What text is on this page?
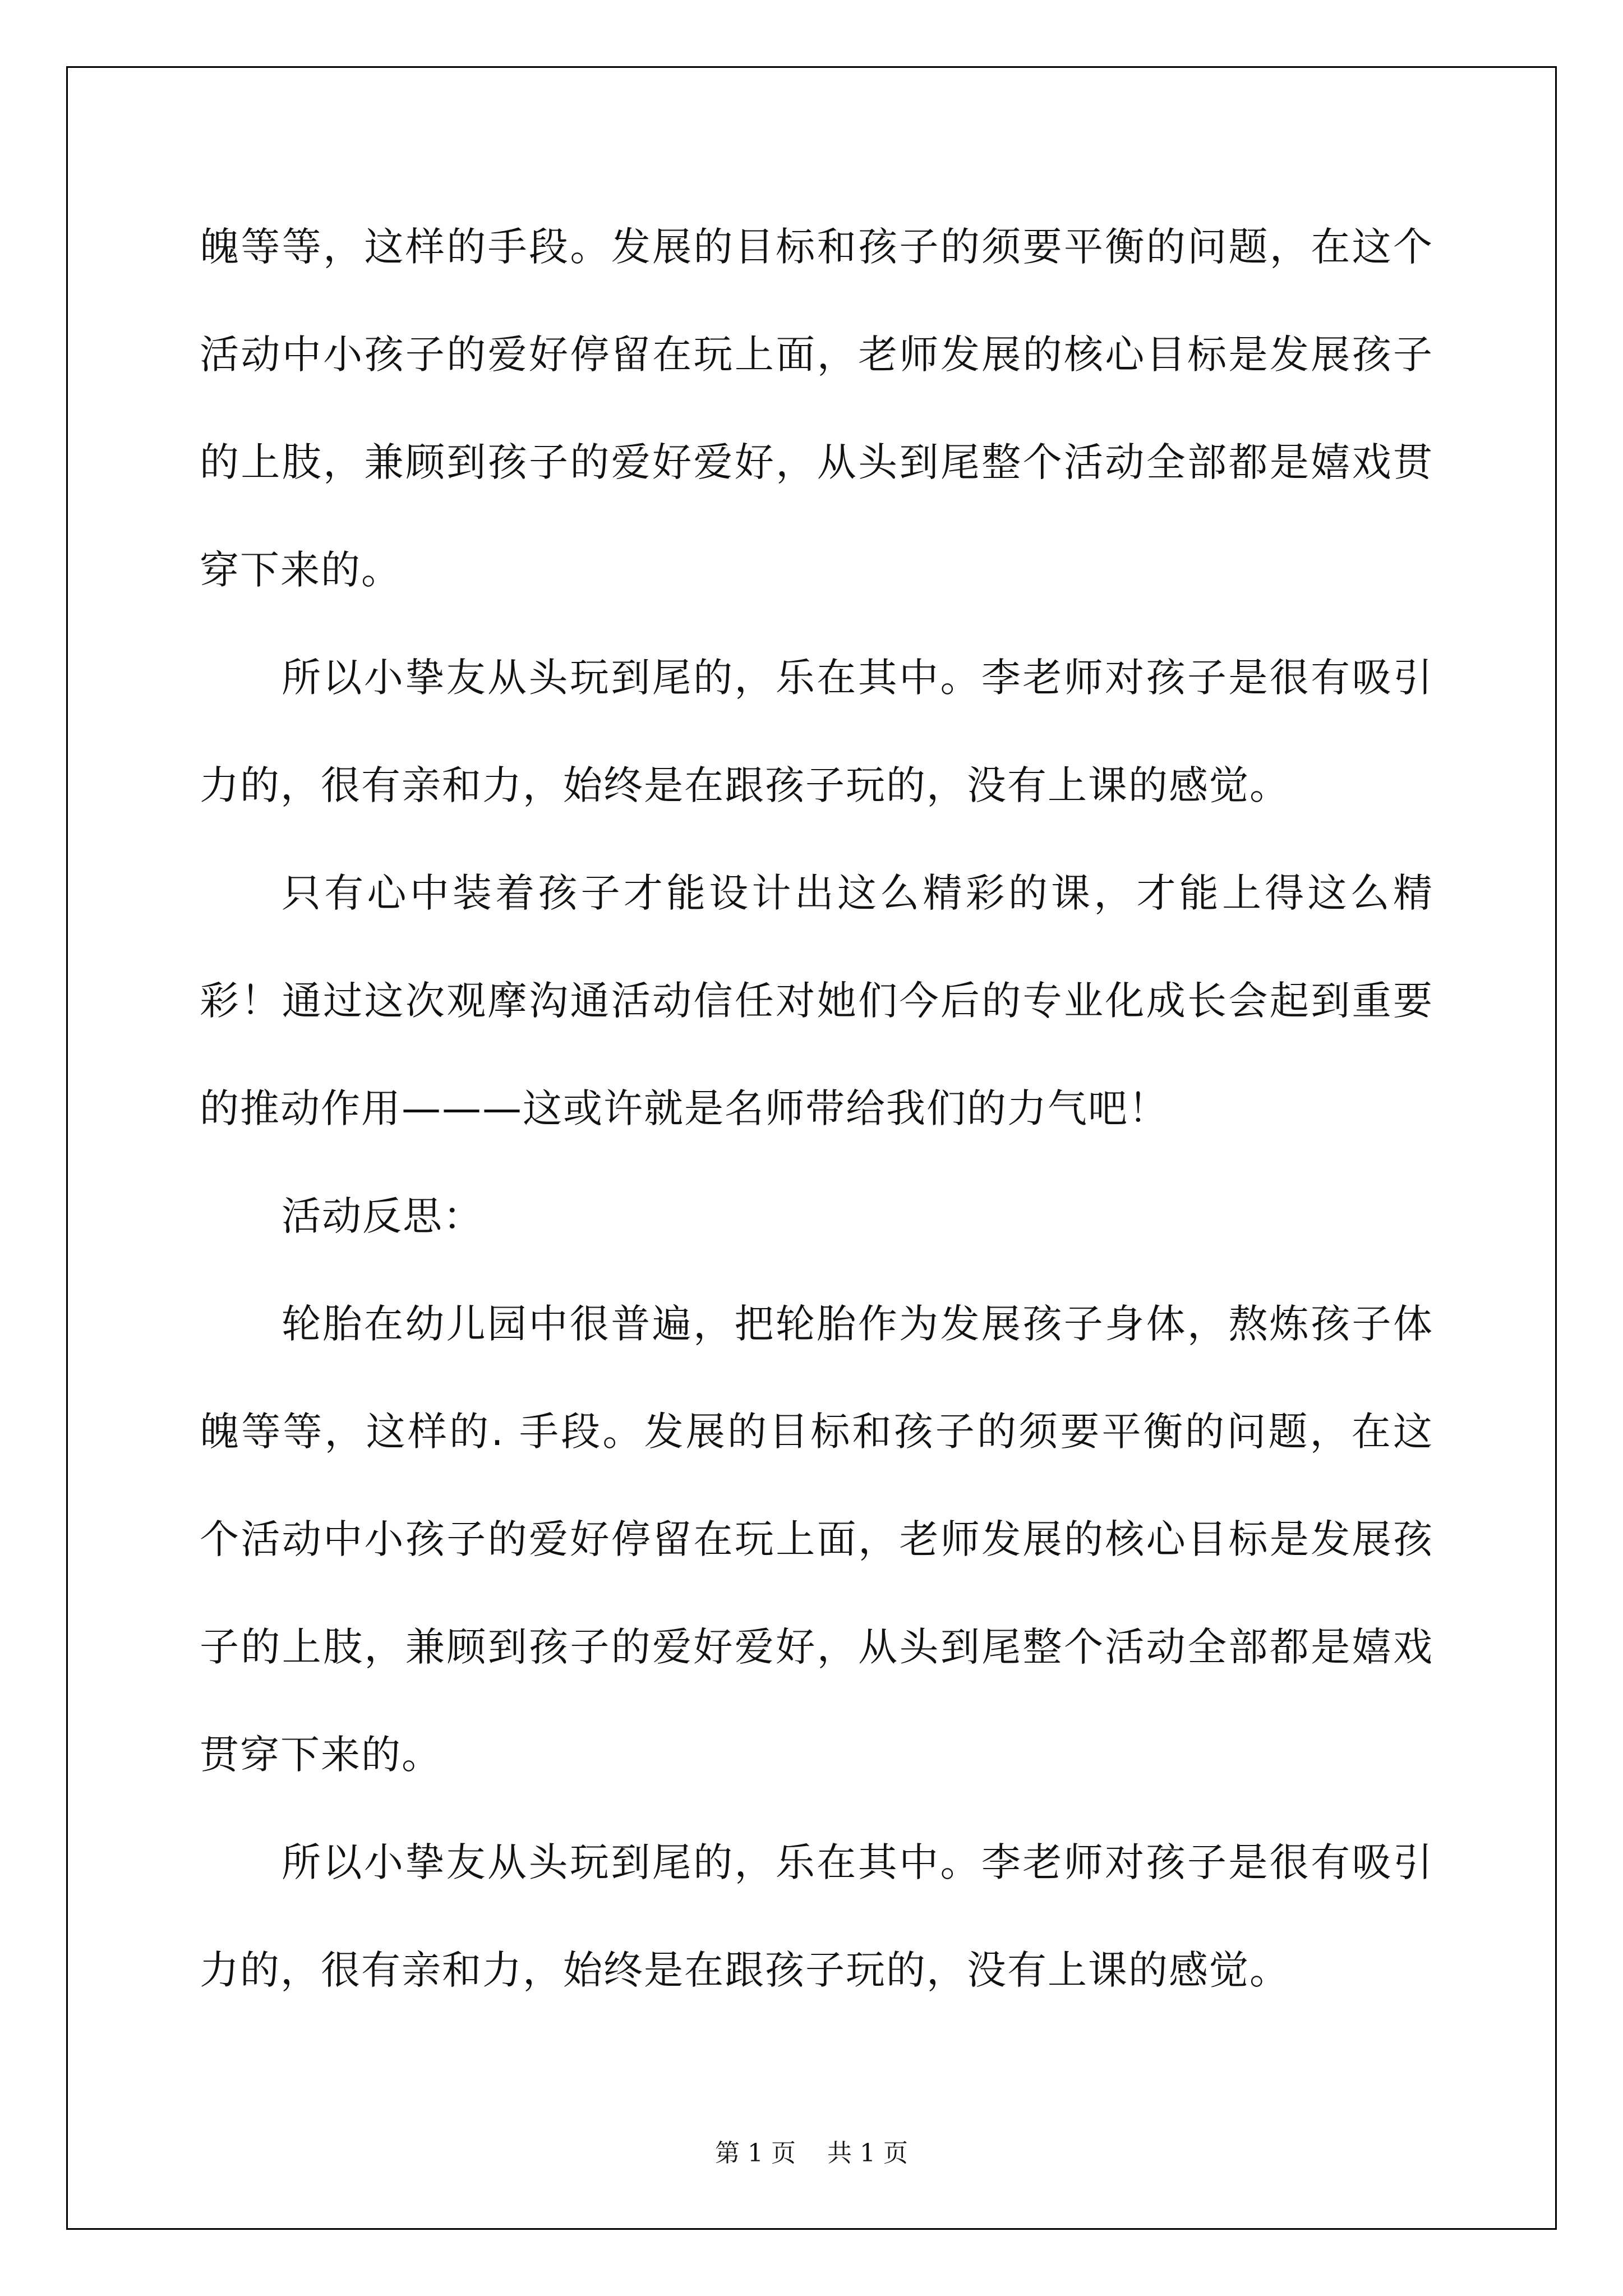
魄等等，这样的手段。发展的目标和孩子的须要平衡的问题，在这个活动中小孩子的爱好停留在玩上面，老师发展的核心目标是发展孩子的上肢，兼顾到孩子的爱好爱好，从头到尾整个活动全部都是嬉戏贯穿下来的。

所以小挚友从头玩到尾的，乐在其中。李老师对孩子是很有吸引力的，很有亲和力，始终是在跟孩子玩的，没有上课的感觉。

只有心中装着孩子才能设计出这么精彩的课，才能上得这么精彩！通过这次观摩沟通活动信任对她们今后的专业化成长会起到重要的推动作用———这或许就是名师带给我们的力气吧！

活动反思：

轮胎在幼儿园中很普遍，把轮胎作为发展孩子身体，熬炼孩子体魄等等，这样的. 手段。发展的目标和孩子的须要平衡的问题，在这个活动中小孩子的爱好停留在玩上面，老师发展的核心目标是发展孩子的上肢，兼顾到孩子的爱好爱好，从头到尾整个活动全部都是嬉戏贯穿下来的。

所以小挚友从头玩到尾的，乐在其中。李老师对孩子是很有吸引力的，很有亲和力，始终是在跟孩子玩的，没有上课的感觉。

第 1 页 共 1 页
